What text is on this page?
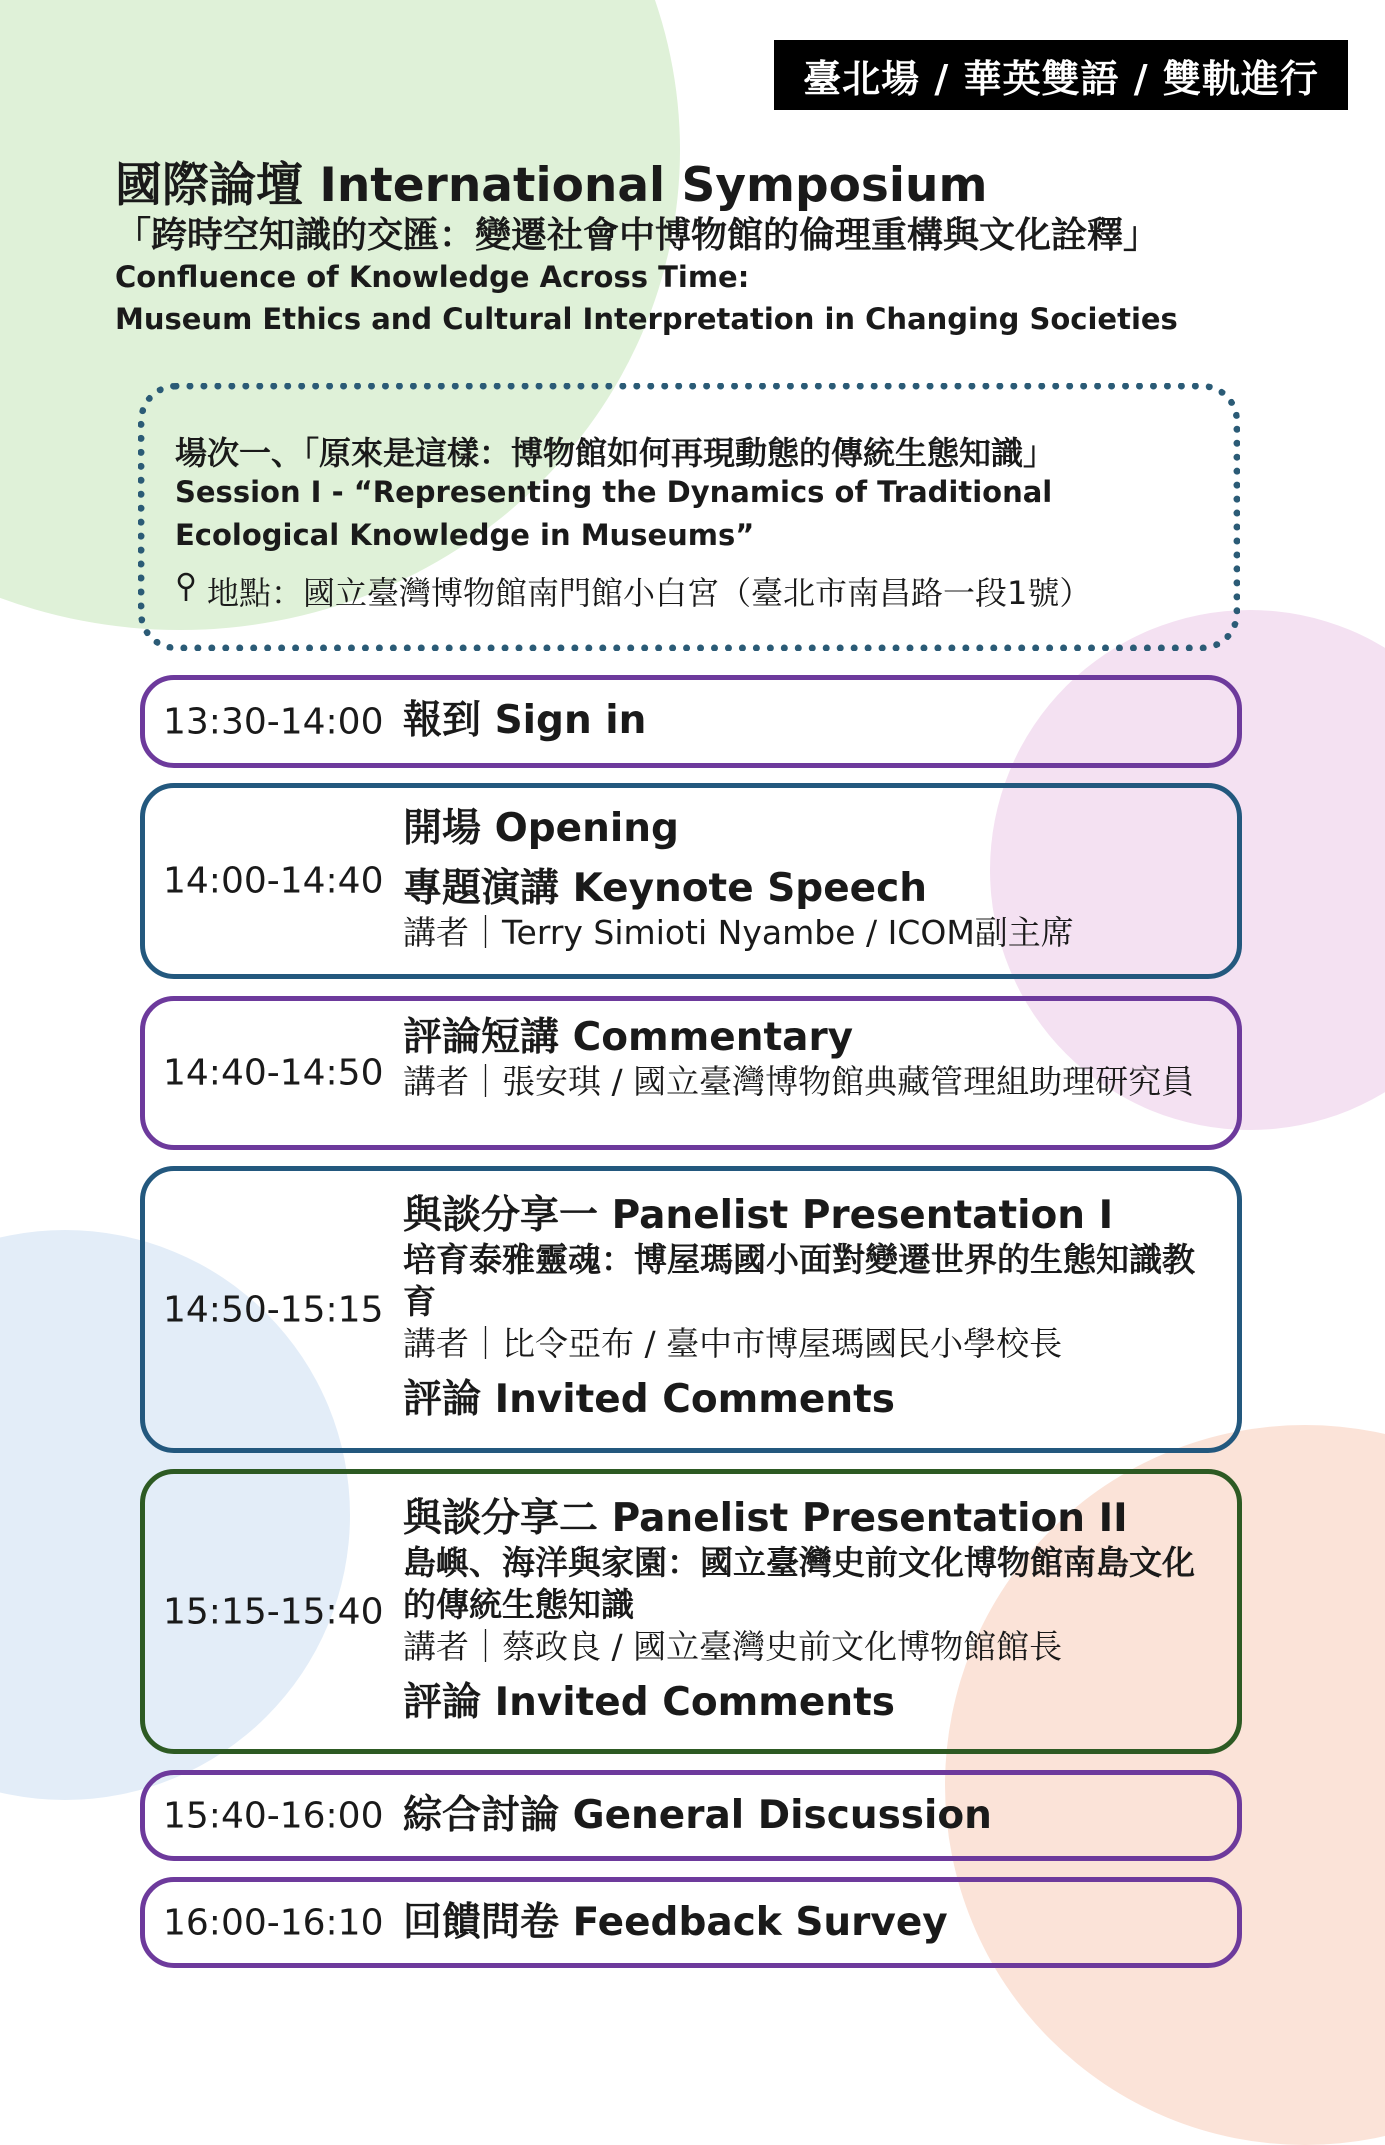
臺北場 / 華英雙語 / 雙軌進行
國際論壇 International Symposium
「跨時空知識的交匯：變遷社會中博物館的倫理重構與文化詮釋」
Confluence of Knowledge Across Time:
Museum Ethics and Cultural Interpretation in Changing Societies
場次一、「原來是這樣：博物館如何再現動態的傳統生態知識」
Session I - “Representing the Dynamics of Traditional
Ecological Knowledge in Museums”
地點：國立臺灣博物館南門館小白宮（臺北市南昌路一段1號）
13:30-14:00 報到 Sign in
14:00-14:40
開場 Opening
專題演講 Keynote Speech
講者｜Terry Simioti Nyambe / ICOM副主席
14:40-14:50
評論短講 Commentary
講者｜張安琪 / 國立臺灣博物館典藏管理組助理研究員
14:50-15:15
與談分享一 Panelist Presentation I
培育泰雅靈魂：博屋瑪國小面對變遷世界的生態知識教育
講者｜比令亞布 / 臺中市博屋瑪國民小學校長
評論 Invited Comments
15:15-15:40
與談分享二 Panelist Presentation II
島嶼、海洋與家園：國立臺灣史前文化博物館南島文化的傳統生態知識
講者｜蔡政良 / 國立臺灣史前文化博物館館長
評論 Invited Comments
15:40-16:00 綜合討論 General Discussion
16:00-16:10 回饋問卷 Feedback Survey
